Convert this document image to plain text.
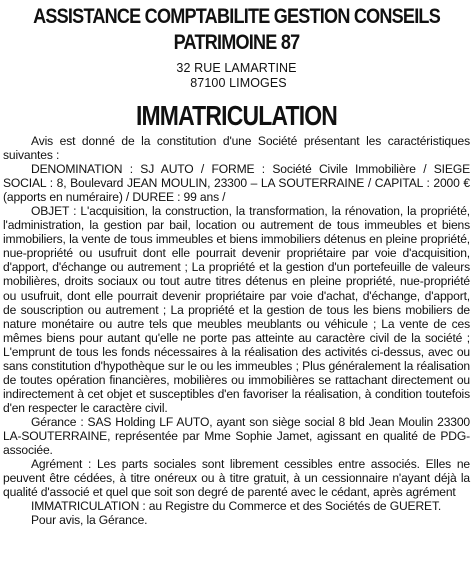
ASSISTANCE COMPTABILITE GESTION CONSEILS
PATRIMOINE 87
32 RUE LAMARTINE
87100 LIMOGES
IMMATRICULATION

Avis est donné de la constitution d'une Société présentant les caractéristiques suivantes :

DENOMINATION : SJ AUTO / FORME : Société Civile Immobilière / SIEGE SOCIAL : 8, Boulevard JEAN MOULIN, 23300 – LA SOUTERRAINE / CAPITAL : 2000 € (apports en numéraire) / DUREE : 99 ans /

OBJET : L'acquisition, la construction, la transformation, la rénovation, la propriété, l'administration, la gestion par bail, location ou autrement de tous immeubles et biens immobiliers, la vente de tous immeubles et biens immobiliers détenus en pleine propriété, nue-propriété ou usufruit dont elle pourrait devenir propriétaire par voie d'acquisition, d'apport, d'échange ou autrement ; La propriété et la gestion d'un portefeuille de valeurs mobilières, droits sociaux ou tout autre titres détenus en pleine propriété, nue-propriété ou usufruit, dont elle pourrait devenir propriétaire par voie d'achat, d'échange, d'apport, de souscription ou autrement ; La propriété et la gestion de tous les biens mobiliers de nature monétaire ou autre tels que meubles meublants ou véhicule ; La vente de ces mêmes biens pour autant qu'elle ne porte pas atteinte au caractère civil de la société ; L'emprunt de tous les fonds nécessaires à la réalisation des activités ci-dessus, avec ou sans constitution d'hypothèque sur le ou les immeubles ; Plus généralement la réalisation de toutes opération financières, mobilières ou immobilières se rattachant directement ou indirectement à cet objet et susceptibles d'en favoriser la réalisation, à condition toutefois d'en respecter le caractère civil.

Gérance : SAS Holding LF AUTO, ayant son siège social 8 bld Jean Moulin 23300 LA-SOUTERRAINE, représentée par Mme Sophie Jamet, agissant en qualité de PDG-associée.

Agrément : Les parts sociales sont librement cessibles entre associés. Elles ne peuvent être cédées, à titre onéreux ou à titre gratuit, à un cessionnaire n'ayant déjà la qualité d'associé et quel que soit son degré de parenté avec le cédant, après agrément

IMMATRICULATION : au Registre du Commerce et des Sociétés de GUERET.

Pour avis, la Gérance.
